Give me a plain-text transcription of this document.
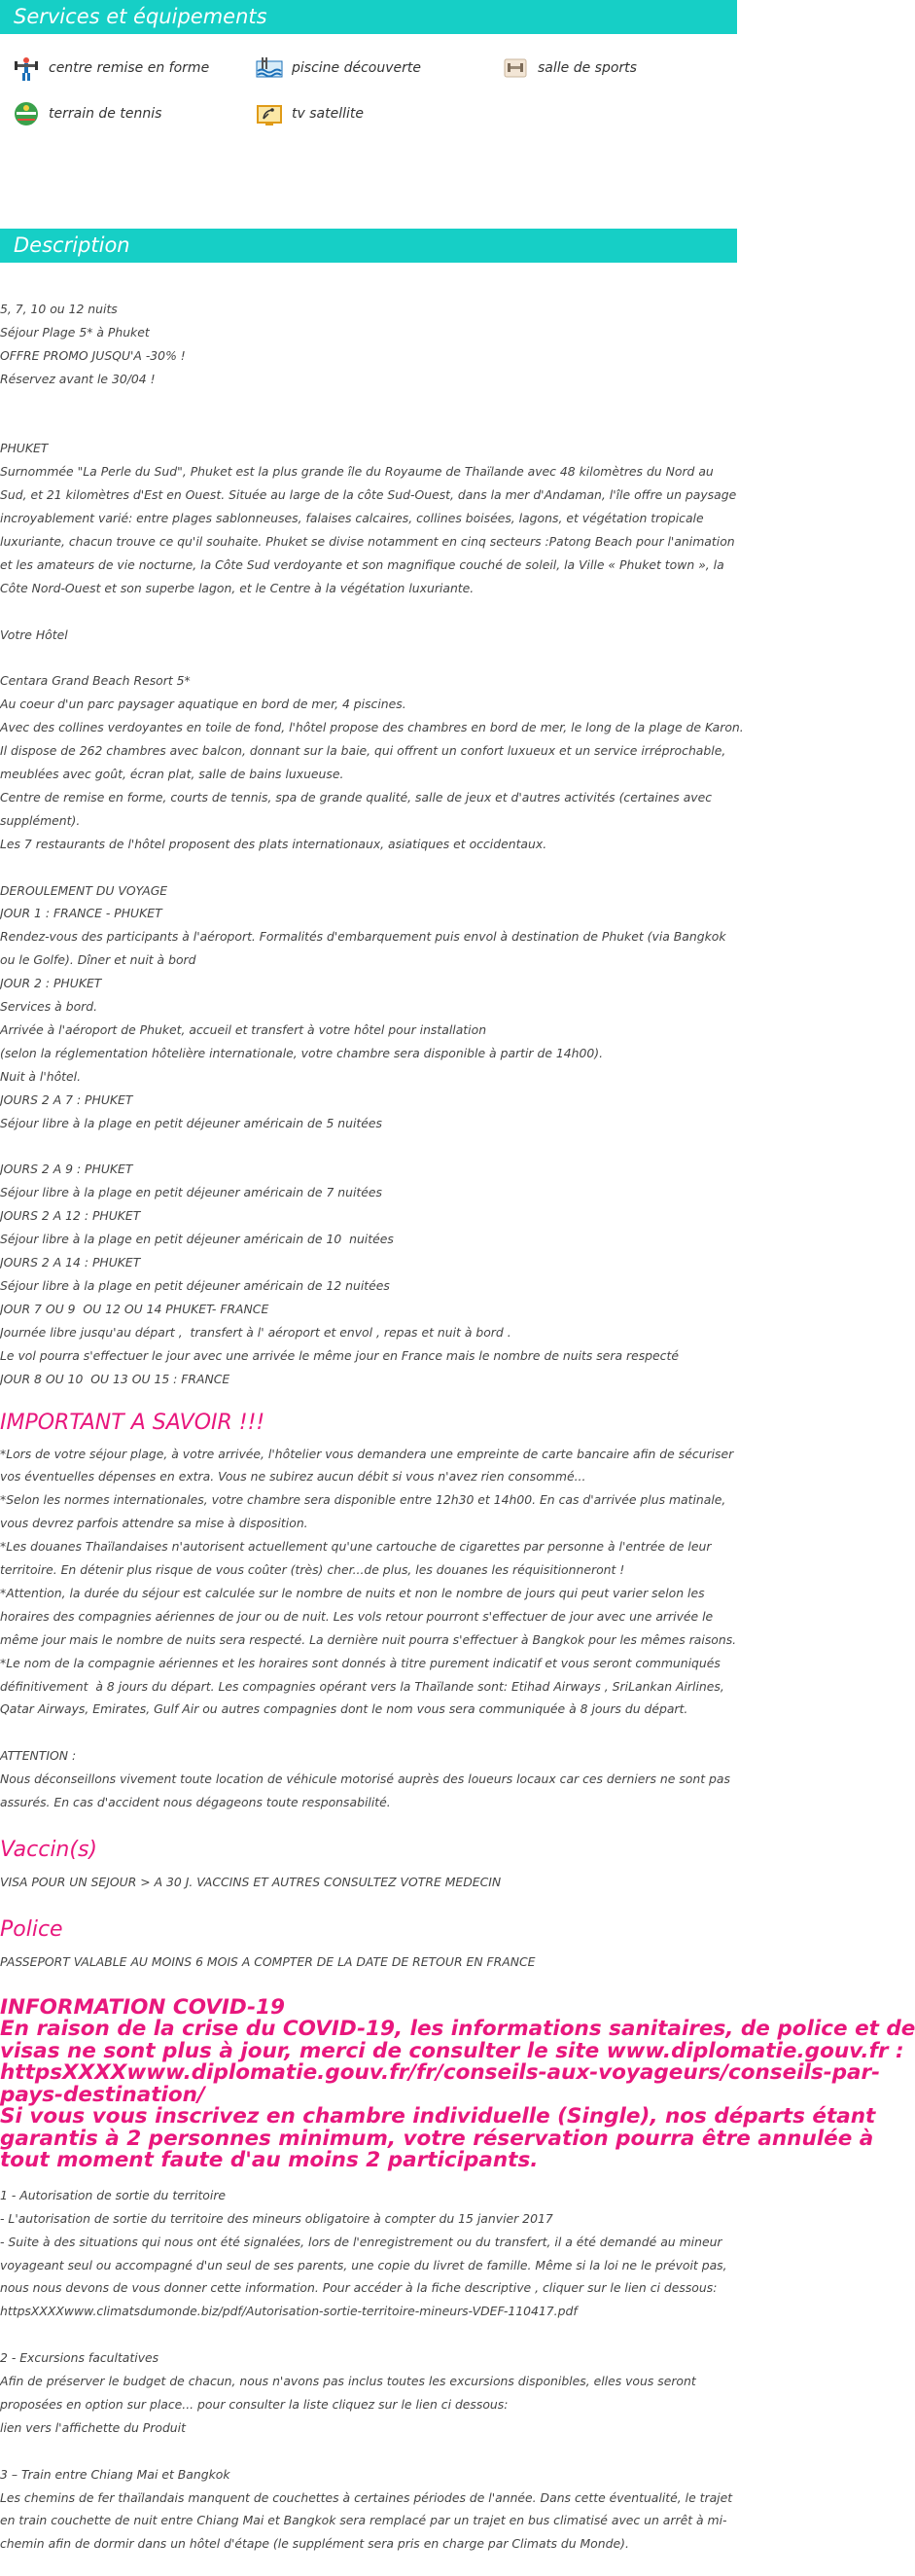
Services et équipements
centre remise en forme	piscine découverte	salle de sports
terrain de tennis	tv satellite
Description
5, 7, 10 ou 12 nuits
Séjour Plage 5* à Phuket
OFFRE PROMO JUSQU'A -30% !
Réservez avant le 30/04 !
PHUKET
Surnommée "La Perle du Sud", Phuket est la plus grande île du Royaume de Thaïlande avec 48 kilomètres du Nord au
Sud, et 21 kilomètres d'Est en Ouest. Située au large de la côte Sud-Ouest, dans la mer d'Andaman, l'île offre un paysage
incroyablement varié: entre plages sablonneuses, falaises calcaires, collines boisées, lagons, et végétation tropicale
luxuriante, chacun trouve ce qu'il souhaite. Phuket se divise notamment en cinq secteurs :Patong Beach pour l'animation
et les amateurs de vie nocturne, la Côte Sud verdoyante et son magnifique couché de soleil, la Ville « Phuket town », la
Côte Nord-Ouest et son superbe lagon, et le Centre à la végétation luxuriante.
Votre Hôtel
Centara Grand Beach Resort 5*
Au coeur d'un parc paysager aquatique en bord de mer, 4 piscines.
Avec des collines verdoyantes en toile de fond, l'hôtel propose des chambres en bord de mer, le long de la plage de Karon.
Il dispose de 262 chambres avec balcon, donnant sur la baie, qui offrent un confort luxueux et un service irréprochable,
meublées avec goût, écran plat, salle de bains luxueuse.
Centre de remise en forme, courts de tennis, spa de grande qualité, salle de jeux et d'autres activités (certaines avec
supplément).
Les 7 restaurants de l'hôtel proposent des plats internationaux, asiatiques et occidentaux.
DEROULEMENT DU VOYAGE
JOUR 1 : FRANCE - PHUKET
Rendez-vous des participants à l'aéroport. Formalités d'embarquement puis envol à destination de Phuket (via Bangkok
ou le Golfe). Dîner et nuit à bord
JOUR 2 : PHUKET
Services à bord.
Arrivée à l'aéroport de Phuket, accueil et transfert à votre hôtel pour installation
(selon la réglementation hôtelière internationale, votre chambre sera disponible à partir de 14h00).
Nuit à l'hôtel.
JOURS 2 A 7 : PHUKET
Séjour libre à la plage en petit déjeuner américain de 5 nuitées
JOURS 2 A 9 : PHUKET
Séjour libre à la plage en petit déjeuner américain de 7 nuitées
JOURS 2 A 12 : PHUKET
Séjour libre à la plage en petit déjeuner américain de 10  nuitées
JOURS 2 A 14 : PHUKET
Séjour libre à la plage en petit déjeuner américain de 12 nuitées
JOUR 7 OU 9  OU 12 OU 14 PHUKET- FRANCE
Journée libre jusqu'au départ ,  transfert à l' aéroport et envol , repas et nuit à bord .
Le vol pourra s'effectuer le jour avec une arrivée le même jour en France mais le nombre de nuits sera respecté
JOUR 8 OU 10  OU 13 OU 15 : FRANCE
IMPORTANT A SAVOIR !!!
*Lors de votre séjour plage, à votre arrivée, l'hôtelier vous demandera une empreinte de carte bancaire afin de sécuriser
vos éventuelles dépenses en extra. Vous ne subirez aucun débit si vous n'avez rien consommé...
*Selon les normes internationales, votre chambre sera disponible entre 12h30 et 14h00. En cas d'arrivée plus matinale,
vous devrez parfois attendre sa mise à disposition.
*Les douanes Thaïlandaises n'autorisent actuellement qu'une cartouche de cigarettes par personne à l'entrée de leur
territoire. En détenir plus risque de vous coûter (très) cher...de plus, les douanes les réquisitionneront !
*Attention, la durée du séjour est calculée sur le nombre de nuits et non le nombre de jours qui peut varier selon les
horaires des compagnies aériennes de jour ou de nuit. Les vols retour pourront s'effectuer de jour avec une arrivée le
même jour mais le nombre de nuits sera respecté. La dernière nuit pourra s'effectuer à Bangkok pour les mêmes raisons.
*Le nom de la compagnie aériennes et les horaires sont donnés à titre purement indicatif et vous seront communiqués
définitivement  à 8 jours du départ. Les compagnies opérant vers la Thaïlande sont: Etihad Airways , SriLankan Airlines,
Qatar Airways, Emirates, Gulf Air ou autres compagnies dont le nom vous sera communiquée à 8 jours du départ.
ATTENTION :
Nous déconseillons vivement toute location de véhicule motorisé auprès des loueurs locaux car ces derniers ne sont pas
assurés. En cas d'accident nous dégageons toute responsabilité.
Vaccin(s)
VISA POUR UN SEJOUR > A 30 J. VACCINS ET AUTRES CONSULTEZ VOTRE MEDECIN
Police
PASSEPORT VALABLE AU MOINS 6 MOIS A COMPTER DE LA DATE DE RETOUR EN FRANCE
INFORMATION COVID-19
En raison de la crise du COVID-19, les informations sanitaires, de police et de
visas ne sont plus à jour, merci de consulter le site www.diplomatie.gouv.fr :
httpsXXXXwww.diplomatie.gouv.fr/fr/conseils-aux-voyageurs/conseils-par-
pays-destination/
Si vous vous inscrivez en chambre individuelle (Single), nos départs étant
garantis à 2 personnes minimum, votre réservation pourra être annulée à
tout moment faute d'au moins 2 participants.
1 - Autorisation de sortie du territoire
- L'autorisation de sortie du territoire des mineurs obligatoire à compter du 15 janvier 2017
- Suite à des situations qui nous ont été signalées, lors de l'enregistrement ou du transfert, il a été demandé au mineur
voyageant seul ou accompagné d'un seul de ses parents, une copie du livret de famille. Même si la loi ne le prévoit pas,
nous nous devons de vous donner cette information. Pour accéder à la fiche descriptive , cliquer sur le lien ci dessous:
httpsXXXXwww.climatsdumonde.biz/pdf/Autorisation-sortie-territoire-mineurs-VDEF-110417.pdf
2 - Excursions facultatives
Afin de préserver le budget de chacun, nous n'avons pas inclus toutes les excursions disponibles, elles vous seront
proposées en option sur place... pour consulter la liste cliquez sur le lien ci dessous:
lien vers l'affichette du Produit
3 – Train entre Chiang Mai et Bangkok
Les chemins de fer thaïlandais manquent de couchettes à certaines périodes de l'année. Dans cette éventualité, le trajet
en train couchette de nuit entre Chiang Mai et Bangkok sera remplacé par un trajet en bus climatisé avec un arrêt à mi-
chemin afin de dormir dans un hôtel d'étape (le supplément sera pris en charge par Climats du Monde).
